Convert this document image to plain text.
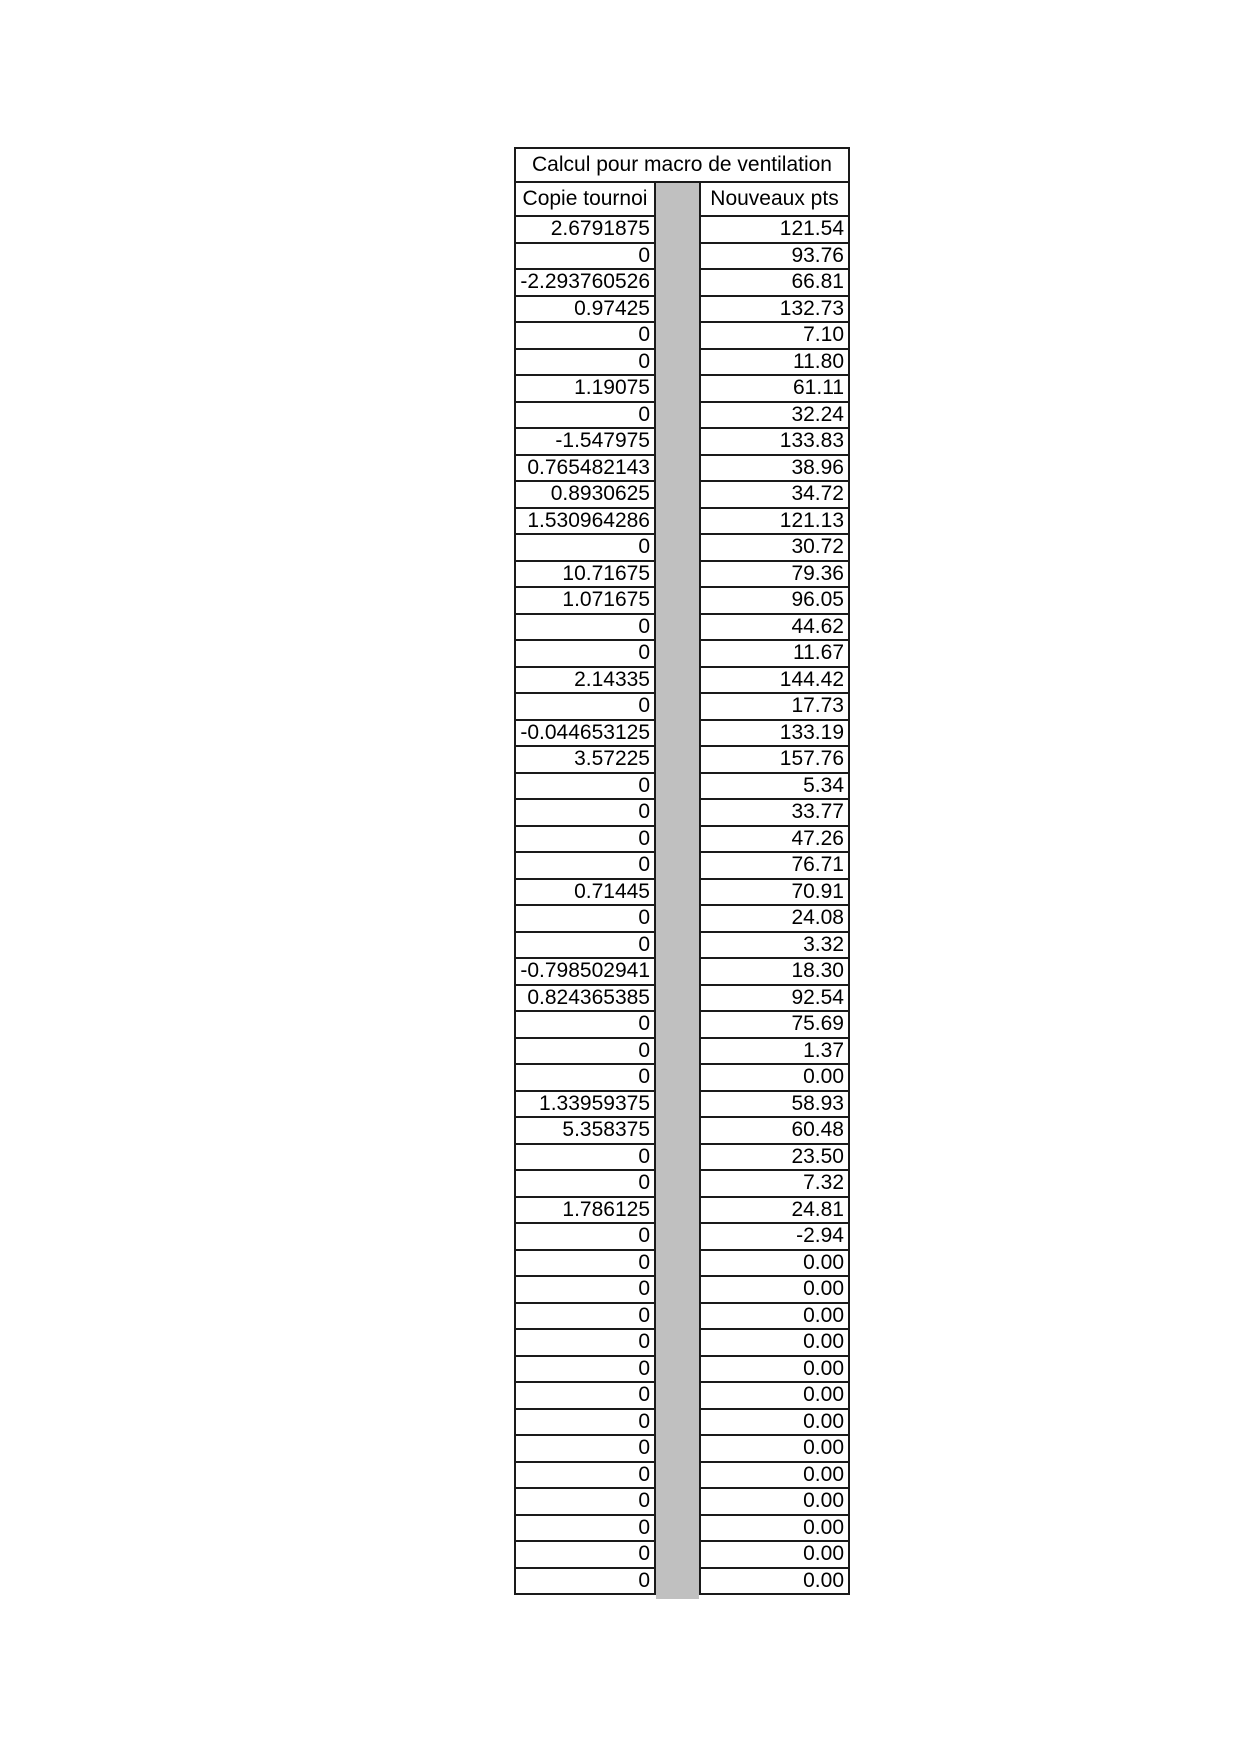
Calcul pour macro de ventilation
Copie tournoi
2.6791875
0
-2.293760526
0.97425
0
0
1.19075
0
-1.547975
0.765482143
0.8930625
1.530964286
0
10.71675
1.071675
0
0
2.14335
0
-0.044653125
3.57225
0
0
0
0
0.71445
0
0
-0.798502941
0.824365385
0
0
0
1.33959375
5.358375
0
0
1.786125
0
0
0
0
0
0
0
0
0
0
0
0
0
0
Nouveaux pts
121.54
93.76
66.81
132.73
7.10
11.80
61.11
32.24
133.83
38.96
34.72
121.13
30.72
79.36
96.05
44.62
11.67
144.42
17.73
133.19
157.76
5.34
33.77
47.26
76.71
70.91
24.08
3.32
18.30
92.54
75.69
1.37
0.00
58.93
60.48
23.50
7.32
24.81
-2.94
0.00
0.00
0.00
0.00
0.00
0.00
0.00
0.00
0.00
0.00
0.00
0.00
0.00
